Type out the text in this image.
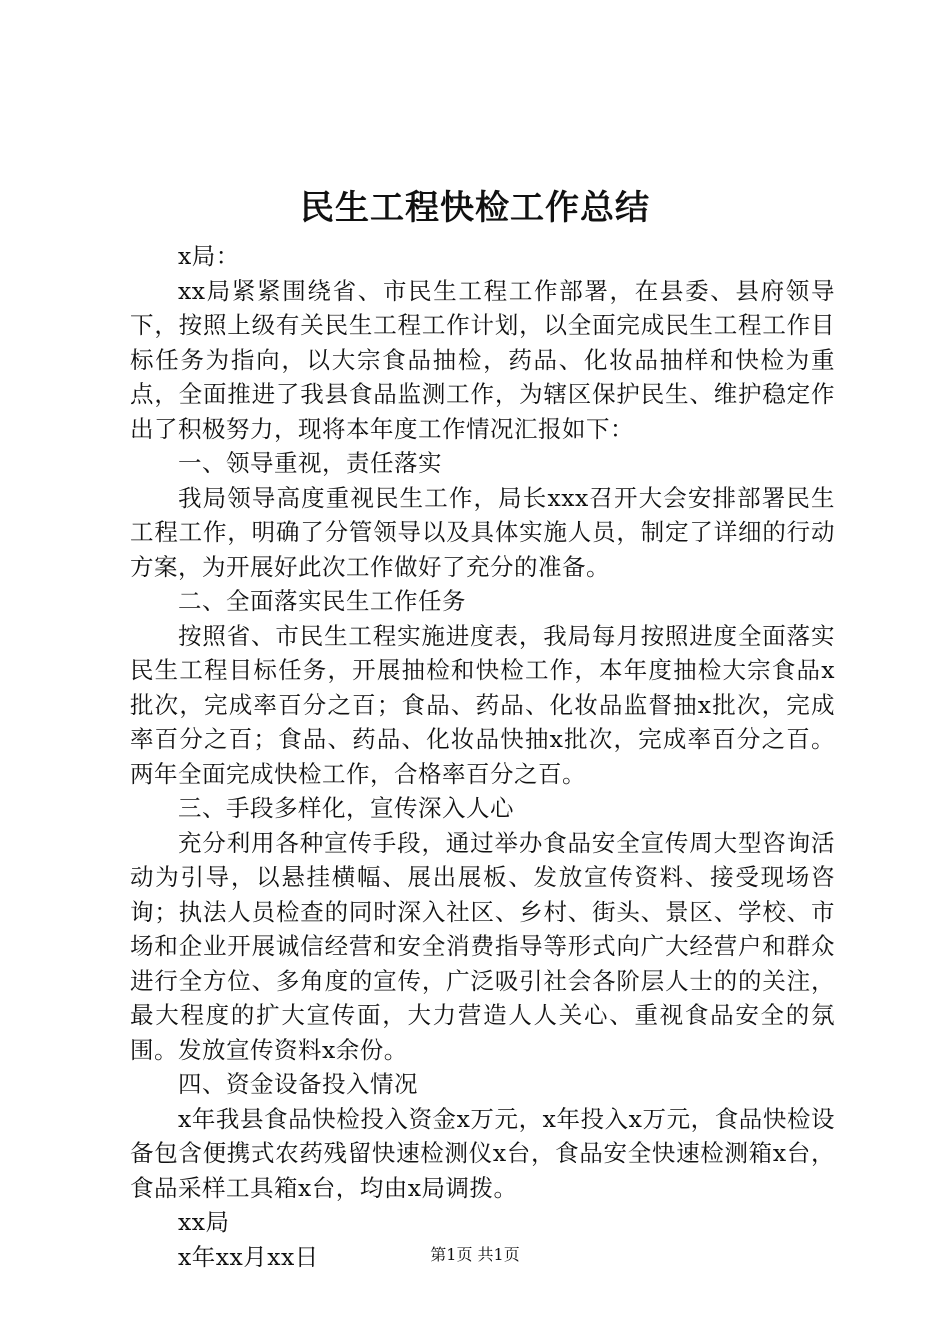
民生工程快检工作总结

x局：

xx局紧紧围绕省、市民生工程工作部署，在县委、县府领导下，按照上级有关民生工程工作计划，以全面完成民生工程工作目标任务为指向，以大宗食品抽检，药品、化妆品抽样和快检为重点，全面推进了我县食品监测工作，为辖区保护民生、维护稳定作出了积极努力，现将本年度工作情况汇报如下：

一、领导重视，责任落实

我局领导高度重视民生工作，局长xxx召开大会安排部署民生工程工作，明确了分管领导以及具体实施人员，制定了详细的行动方案，为开展好此次工作做好了充分的准备。

二、全面落实民生工作任务

按照省、市民生工程实施进度表，我局每月按照进度全面落实民生工程目标任务，开展抽检和快检工作，本年度抽检大宗食品x批次，完成率百分之百；食品、药品、化妆品监督抽x批次，完成率百分之百；食品、药品、化妆品快抽x批次，完成率百分之百。两年全面完成快检工作，合格率百分之百。

三、手段多样化，宣传深入人心

充分利用各种宣传手段，通过举办食品安全宣传周大型咨询活动为引导，以悬挂横幅、展出展板、发放宣传资料、接受现场咨询；执法人员检查的同时深入社区、乡村、街头、景区、学校、市场和企业开展诚信经营和安全消费指导等形式向广大经营户和群众进行全方位、多角度的宣传，广泛吸引社会各阶层人士的的关注，最大程度的扩大宣传面，大力营造人人关心、重视食品安全的氛围。发放宣传资料x余份。

四、资金设备投入情况

x年我县食品快检投入资金x万元，x年投入x万元，食品快检设备包含便携式农药残留快速检测仪x台，食品安全快速检测箱x台，食品采样工具箱x台，均由x局调拨。

xx局

x年xx月xx日	第1页 共1页
